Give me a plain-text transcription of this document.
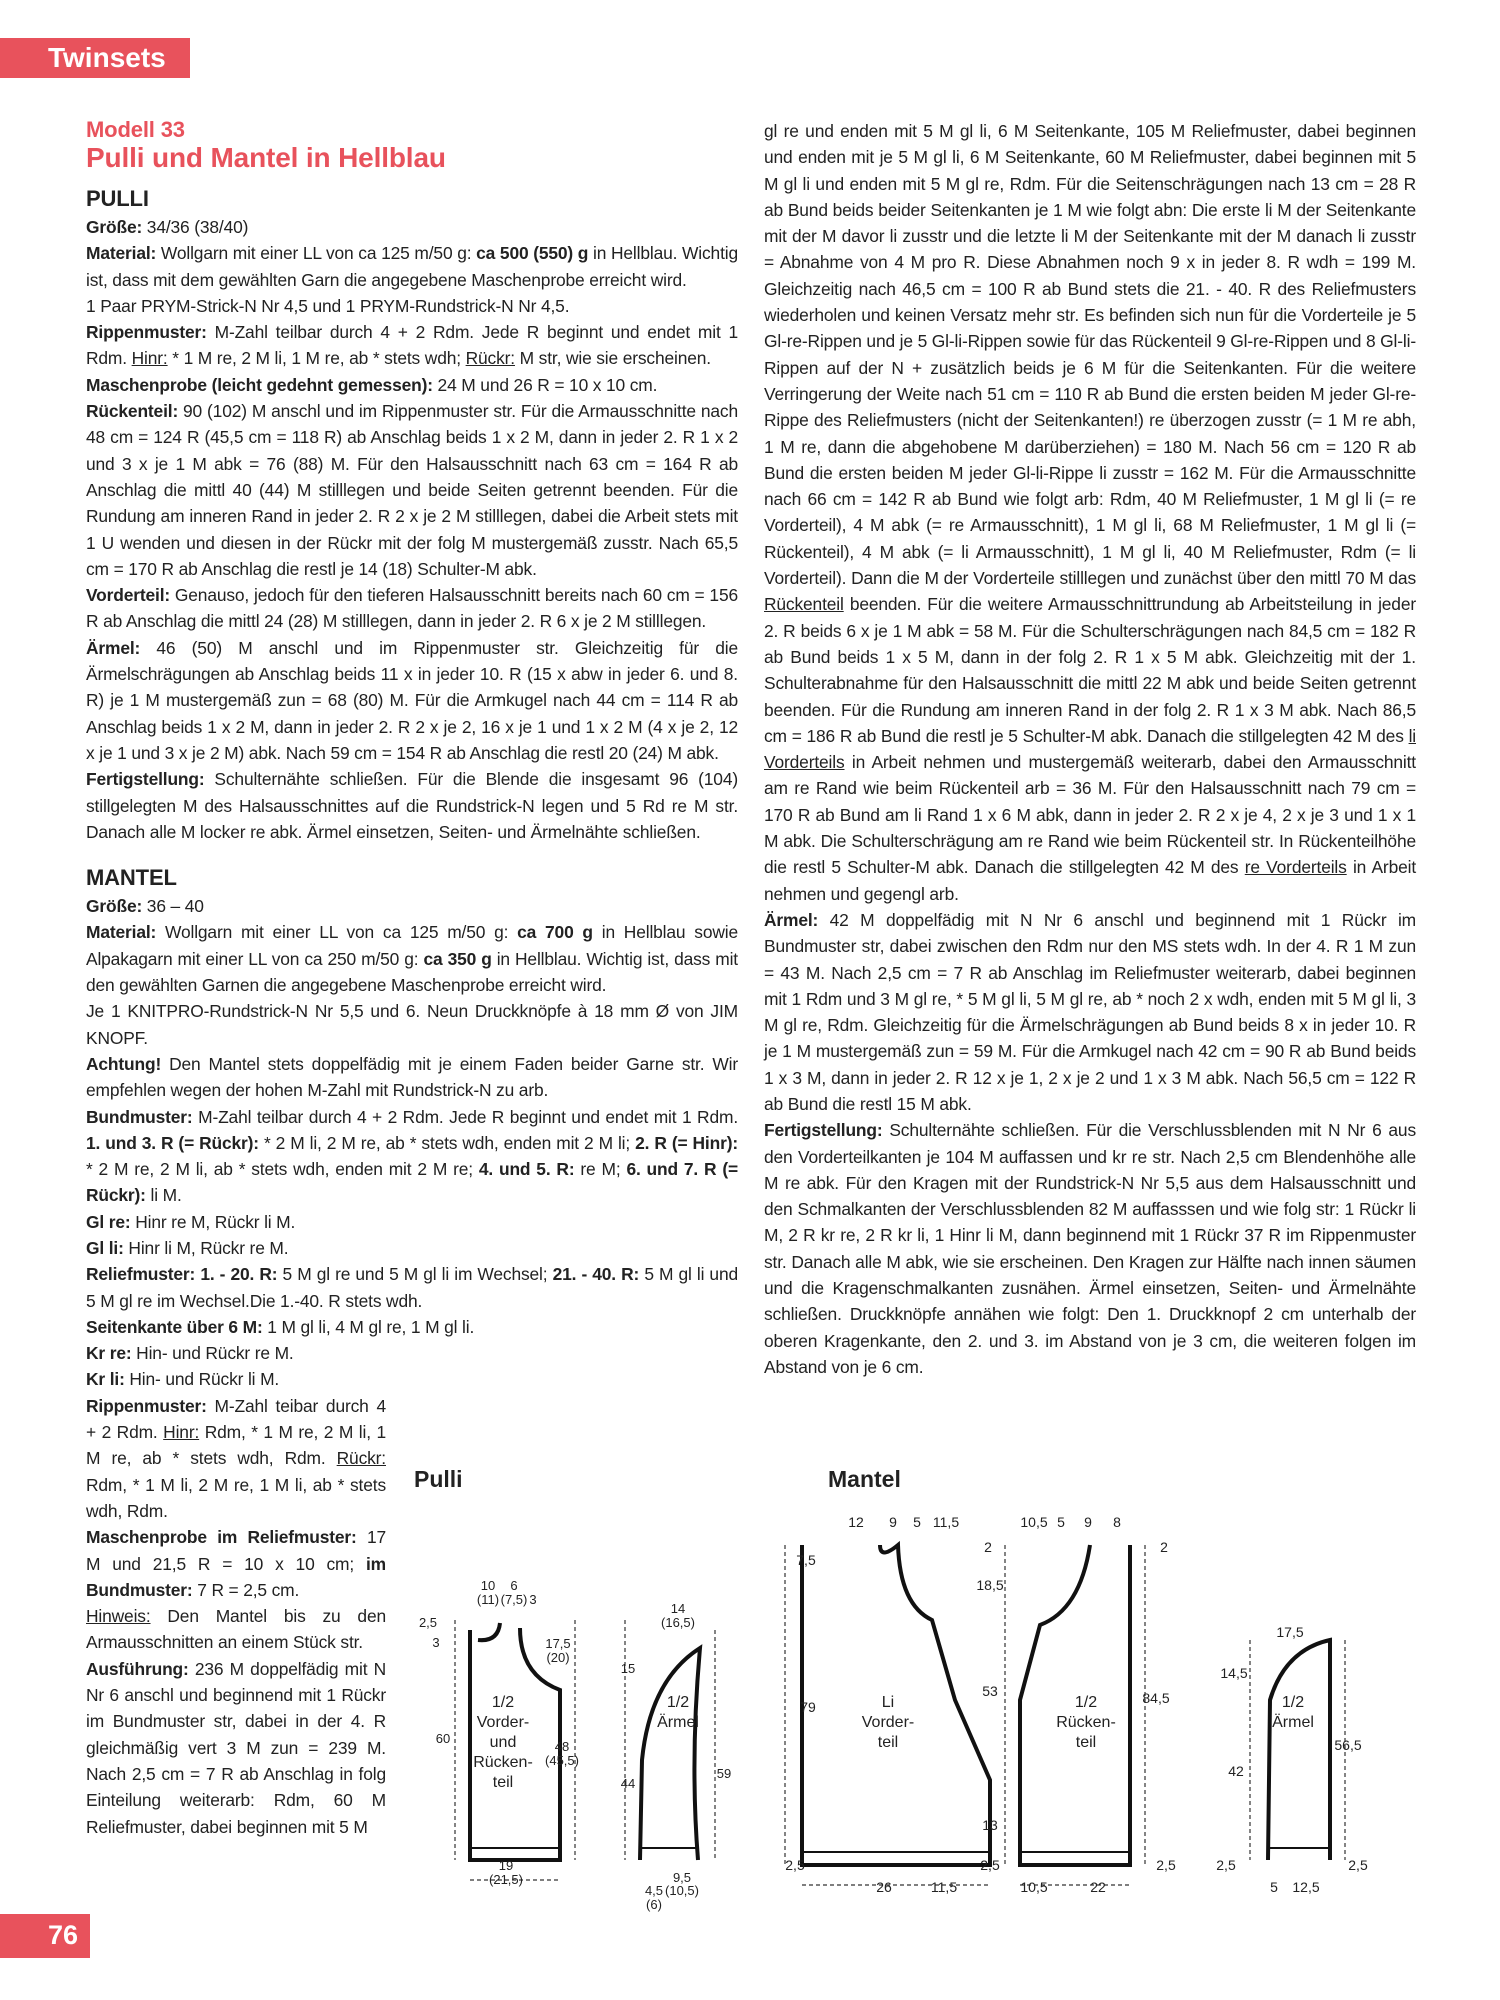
Twinsets
76
Modell 33
Pulli und Mantel in Hellblau
PULLI

Größe: 34/36 (38/40)

Material: Wollgarn mit einer LL von ca 125 m/50 g: ca 500 (550) g in Hellblau. Wichtig ist, dass mit dem gewählten Garn die angegebene Maschenprobe erreicht wird.

1 Paar PRYM-Strick-N Nr 4,5 und 1 PRYM-Rundstrick-N Nr 4,5.

Rippenmuster: M-Zahl teilbar durch 4 + 2 Rdm. Jede R beginnt und endet mit 1 Rdm. Hinr: * 1 M re, 2 M li, 1 M re, ab * stets wdh; Rückr: M str, wie sie erscheinen.

Maschenprobe (leicht gedehnt gemessen): 24 M und 26 R = 10 x 10 cm.

Rückenteil: 90 (102) M anschl und im Rippenmuster str. Für die Armausschnitte nach 48 cm = 124 R (45,5 cm = 118 R) ab Anschlag beids 1 x 2 M, dann in jeder 2. R 1 x 2 und 3 x je 1 M abk = 76 (88) M. Für den Halsausschnitt nach 63 cm = 164 R ab Anschlag die mittl 40 (44) M stilllegen und beide Seiten getrennt beenden. Für die Rundung am inneren Rand in jeder 2. R 2 x je 2 M stilllegen, dabei die Arbeit stets mit 1 U wenden und diesen in der Rückr mit der folg M mustergemäß zusstr. Nach 65,5 cm = 170 R ab Anschlag die restl je 14 (18) Schulter-M abk.

Vorderteil: Genauso, jedoch für den tieferen Halsausschnitt bereits nach 60 cm = 156 R ab Anschlag die mittl 24 (28) M stilllegen, dann in jeder 2. R 6 x je 2 M stilllegen.

Ärmel: 46 (50) M anschl und im Rippenmuster str. Gleichzeitig für die Ärmelschrägungen ab Anschlag beids 11 x in jeder 10. R (15 x abw in jeder 6. und 8. R) je 1 M mustergemäß zun = 68 (80) M. Für die Armkugel nach 44 cm = 114 R ab Anschlag beids 1 x 2 M, dann in jeder 2. R 2 x je 2, 16 x je 1 und 1 x 2 M (4 x je 2, 12 x je 1 und 3 x je 2 M) abk. Nach 59 cm = 154 R ab Anschlag die restl 20 (24) M abk.

Fertigstellung: Schulternähte schließen. Für die Blende die insgesamt 96 (104) stillgelegten M des Halsausschnittes auf die Rundstrick-N legen und 5 Rd re M str. Danach alle M locker re abk. Ärmel einsetzen, Seiten- und Ärmelnähte schließen.

MANTEL

Größe: 36 – 40

Material: Wollgarn mit einer LL von ca 125 m/50 g: ca 700 g in Hellblau sowie Alpakagarn mit einer LL von ca 250 m/50 g: ca 350 g in Hellblau. Wichtig ist, dass mit den gewählten Garnen die angegebene Maschenprobe erreicht wird.

Je 1 KNITPRO-Rundstrick-N Nr 5,5 und 6. Neun Druckknöpfe à 18 mm Ø von JIM KNOPF.

Achtung! Den Mantel stets doppelfädig mit je einem Faden beider Garne str. Wir empfehlen wegen der hohen M-Zahl mit Rundstrick-N zu arb.

Bundmuster: M-Zahl teilbar durch 4 + 2 Rdm. Jede R beginnt und endet mit 1 Rdm. 1. und 3. R (= Rückr): * 2 M li, 2 M re, ab * stets wdh, enden mit 2 M li; 2. R (= Hinr): * 2 M re, 2 M li, ab * stets wdh, enden mit 2 M re; 4. und 5. R: re M; 6. und 7. R (= Rückr): li M.

Gl re: Hinr re M, Rückr li M.

Gl li: Hinr li M, Rückr re M.

Reliefmuster: 1. - 20. R: 5 M gl re und 5 M gl li im Wechsel; 21. - 40. R: 5 M gl li und 5 M gl re im Wechsel.Die 1.-40. R stets wdh.

Seitenkante über 6 M: 1 M gl li, 4 M gl re, 1 M gl li.

Kr re: Hin- und Rückr re M.

Kr li: Hin- und Rückr li M.

Rippenmuster: M-Zahl teibar durch 4 + 2 Rdm. Hinr: Rdm, * 1 M re, 2 M li, 1 M re, ab * stets wdh, Rdm. Rückr: Rdm, * 1 M li, 2 M re, 1 M li, ab * stets wdh, Rdm.

Maschenprobe im Reliefmuster: 17 M und 21,5 R = 10 x 10 cm; im Bundmuster: 7 R = 2,5 cm.

Hinweis: Den Mantel bis zu den Armausschnitten an einem Stück str.

Ausführung: 236 M doppelfädig mit N Nr 6 anschl und beginnend mit 1 Rückr im Bundmuster str, dabei in der 4. R gleichmäßig vert 3 M zun = 239 M. Nach 2,5 cm = 7 R ab Anschlag in folg Einteilung weiterarb: Rdm, 60 M Reliefmuster, dabei beginnen mit 5 M

gl re und enden mit 5 M gl li, 6 M Seitenkante, 105 M Reliefmuster, dabei beginnen und enden mit je 5 M gl li, 6 M Seitenkante, 60 M Reliefmuster, dabei beginnen mit 5 M gl li und enden mit 5 M gl re, Rdm. Für die Seitenschrägungen nach 13 cm = 28 R ab Bund beids beider Seitenkanten je 1 M wie folgt abn: Die erste li M der Seitenkante mit der M davor li zusstr und die letzte li M der Seitenkante mit der M danach li zusstr = Abnahme von 4 M pro R. Diese Abnahmen noch 9 x in jeder 8. R wdh = 199 M. Gleichzeitig nach 46,5 cm = 100 R ab Bund stets die 21. - 40. R des Reliefmusters wiederholen und keinen Versatz mehr str. Es befinden sich nun für die Vorderteile je 5 Gl-re-Rippen und je 5 Gl-li-Rippen sowie für das Rückenteil 9 Gl-re-Rippen und 8 Gl-li-Rippen auf der N + zusätzlich beids je 6 M für die Seitenkanten. Für die weitere Verringerung der Weite nach 51 cm = 110 R ab Bund die ersten beiden M jeder Gl-re-Rippe des Reliefmusters (nicht der Seitenkanten!) re überzogen zusstr (= 1 M re abh, 1 M re, dann die abgehobene M darüberziehen) = 180 M. Nach 56 cm = 120 R ab Bund die ersten beiden M jeder Gl-li-Rippe li zusstr = 162 M. Für die Armausschnitte nach 66 cm = 142 R ab Bund wie folgt arb: Rdm, 40 M Reliefmuster, 1 M gl li (= re Vorderteil), 4 M abk (= re Armausschnitt), 1 M gl li, 68 M Reliefmuster, 1 M gl li (= Rückenteil), 4 M abk (= li Armausschnitt), 1 M gl li, 40 M Reliefmuster, Rdm (= li Vorderteil). Dann die M der Vorderteile stilllegen und zunächst über den mittl 70 M das Rückenteil beenden. Für die weitere Armausschnittrundung ab Arbeitsteilung in jeder 2. R beids 6 x je 1 M abk = 58 M. Für die Schulterschrägungen nach 84,5 cm = 182 R ab Bund beids 1 x 5 M, dann in der folg 2. R 1 x 5 M abk. Gleichzeitig mit der 1. Schulterabnahme für den Halsausschnitt die mittl 22 M abk und beide Seiten getrennt beenden. Für die Rundung am inneren Rand in der folg 2. R 1 x 3 M abk. Nach 86,5 cm = 186 R ab Bund die restl je 5 Schulter-M abk. Danach die stillgelegten 42 M des li Vorderteils in Arbeit nehmen und mustergemäß weiterarb, dabei den Armausschnitt am re Rand wie beim Rückenteil arb = 36 M. Für den Halsausschnitt nach 79 cm = 170 R ab Bund am li Rand 1 x 6 M abk, dann in jeder 2. R 2 x je 4, 2 x je 3 und 1 x 1 M abk. Die Schulterschrägung am re Rand wie beim Rückenteil str. In Rückenteilhöhe die restl 5 Schulter-M abk. Danach die stillgelegten 42 M des re Vorderteils in Arbeit nehmen und gegengl arb.

Ärmel: 42 M doppelfädig mit N Nr 6 anschl und beginnend mit 1 Rückr im Bundmuster str, dabei zwischen den Rdm nur den MS stets wdh. In der 4. R 1 M zun = 43 M. Nach 2,5 cm = 7 R ab Anschlag im Reliefmuster weiterarb, dabei beginnen mit 1 Rdm und 3 M gl re, * 5 M gl li, 5 M gl re, ab * noch 2 x wdh, enden mit 5 M gl li, 3 M gl re, Rdm. Gleichzeitig für die Ärmelschrägungen ab Bund beids 8 x in jeder 10. R je 1 M mustergemäß zun = 59 M. Für die Armkugel nach 42 cm = 90 R ab Bund beids 1 x 3 M, dann in jeder 2. R 12 x je 1, 2 x je 2 und 1 x 3 M abk. Nach 56,5 cm = 122 R ab Bund die restl 15 M abk.

Fertigstellung: Schulternähte schließen. Für die Verschlussblenden mit N Nr 6 aus den Vorderteilkanten je 104 M auffassen und kr re str. Nach 2,5 cm Blendenhöhe alle M re abk. Für den Kragen mit der Rundstrick-N Nr 5,5 aus dem Halsausschnitt und den Schmalkanten der Verschlussblenden 82 M auffasssen und wie folg str: 1 Rückr li M, 2 R kr re, 2 R kr li, 1 Hinr li M, dann beginnend mit 1 Rückr 37 R im Rippenmuster str. Danach alle M abk, wie sie erscheinen. Den Kragen zur Hälfte nach innen säumen und die Kragenschmalkanten zusnähen. Ärmel einsetzen, Seiten- und Ärmelnähte schließen. Druckknöpfe annähen wie folgt: Den 1. Druckknopf 2 cm unterhalb der oberen Kragenkante, den 2. und 3. im Abstand von je 3 cm, die weiteren folgen im Abstand von je 6 cm.

Pulli	Mantel
1/2
Vorder-
und
Rücken-
teil
1/2
Ärmel
Li
Vorder-
teil
1/2
Rücken-
teil
1/2
Ärmel
10
(11)
6
(7,5) 3
2,5
3	17,5
(20)
60
48
(45,5)
19
(21,5)
14
(16,5)
15
44
59
4,5
(6)
9,5
(10,5)
12 9 5 11,5	10,5 5 9 8
7,5
79
2
18,5
53
13
84,5
2
2,5	2,5	2,5
26	11,5	10,5	22
17,5
14,5
42
56,5
2,5	2,5
5 12,5
